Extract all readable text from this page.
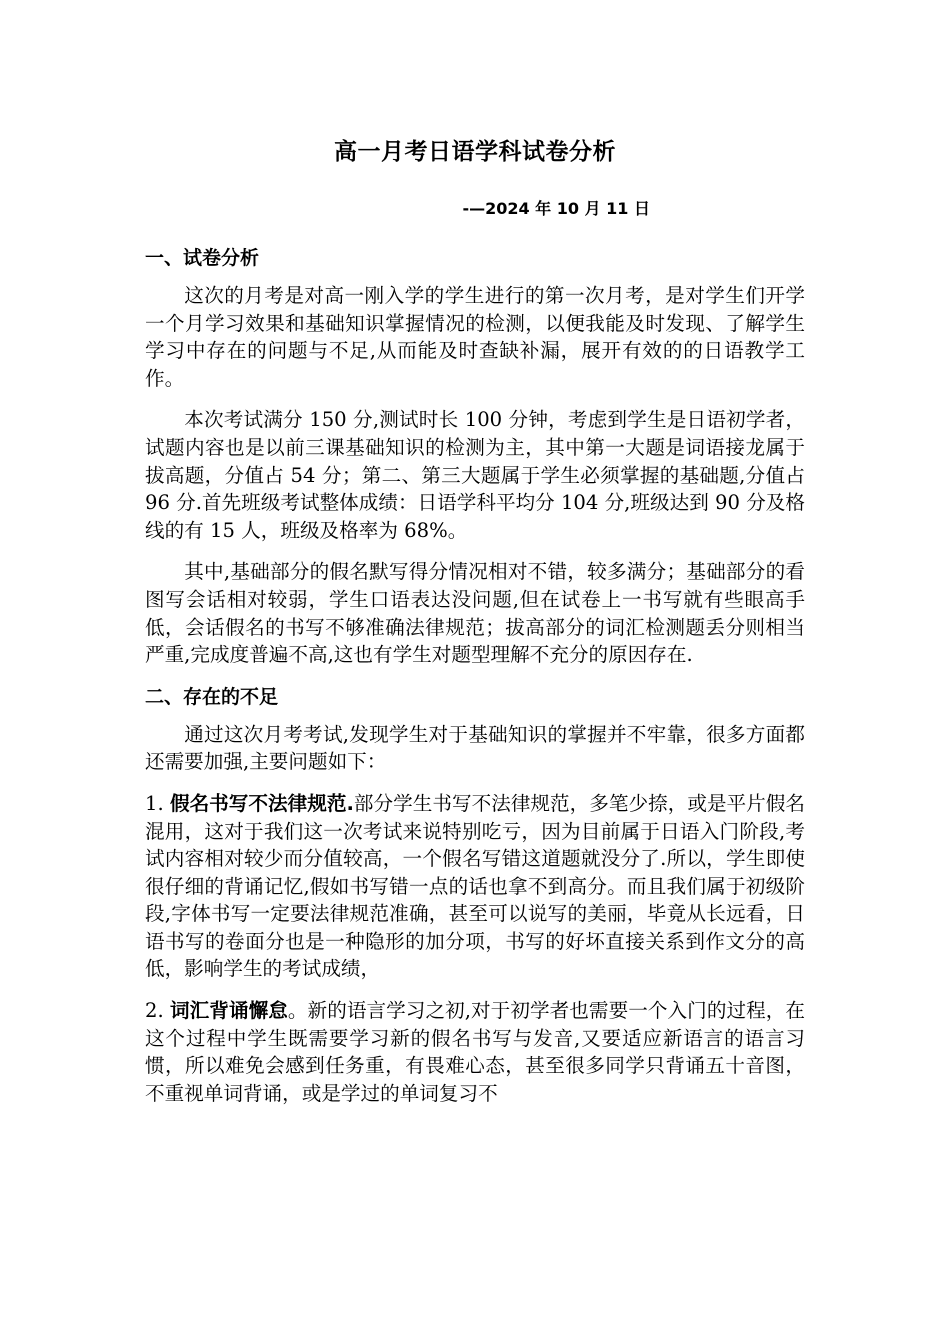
高一月考日语学科试卷分析
-—2024 年 10 月 11 日
一、试卷分析

这次的月考是对高一刚入学的学生进行的第一次月考，是对学生们开学一个月学习效果和基础知识掌握情况的检测，以便我能及时发现、了解学生学习中存在的问题与不足,从而能及时查缺补漏，展开有效的的日语教学工作。

本次考试满分 150 分,测试时长 100 分钟，考虑到学生是日语初学者，试题内容也是以前三课基础知识的检测为主，其中第一大题是词语接龙属于拔高题，分值占 54 分；第二、第三大题属于学生必须掌握的基础题,分值占 96 分.首先班级考试整体成绩：日语学科平均分 104 分,班级达到 90 分及格线的有 15 人，班级及格率为 68%。

其中,基础部分的假名默写得分情况相对不错，较多满分；基础部分的看图写会话相对较弱，学生口语表达没问题,但在试卷上一书写就有些眼高手低，会话假名的书写不够准确法律规范；拔高部分的词汇检测题丢分则相当严重,完成度普遍不高,这也有学生对题型理解不充分的原因存在.

二、存在的不足

通过这次月考考试,发现学生对于基础知识的掌握并不牢靠，很多方面都还需要加强,主要问题如下：

1. 假名书写不法律规范.部分学生书写不法律规范，多笔少捺，或是平片假名混用，这对于我们这一次考试来说特别吃亏，因为目前属于日语入门阶段,考试内容相对较少而分值较高，一个假名写错这道题就没分了.所以，学生即使很仔细的背诵记忆,假如书写错一点的话也拿不到高分。而且我们属于初级阶段,字体书写一定要法律规范准确，甚至可以说写的美丽，毕竟从长远看，日语书写的卷面分也是一种隐形的加分项，书写的好坏直接关系到作文分的高低，影响学生的考试成绩，

2. 词汇背诵懈怠。新的语言学习之初,对于初学者也需要一个入门的过程，在这个过程中学生既需要学习新的假名书写与发音,又要适应新语言的语言习惯，所以难免会感到任务重，有畏难心态，甚至很多同学只背诵五十音图，不重视单词背诵，或是学过的单词复习不
